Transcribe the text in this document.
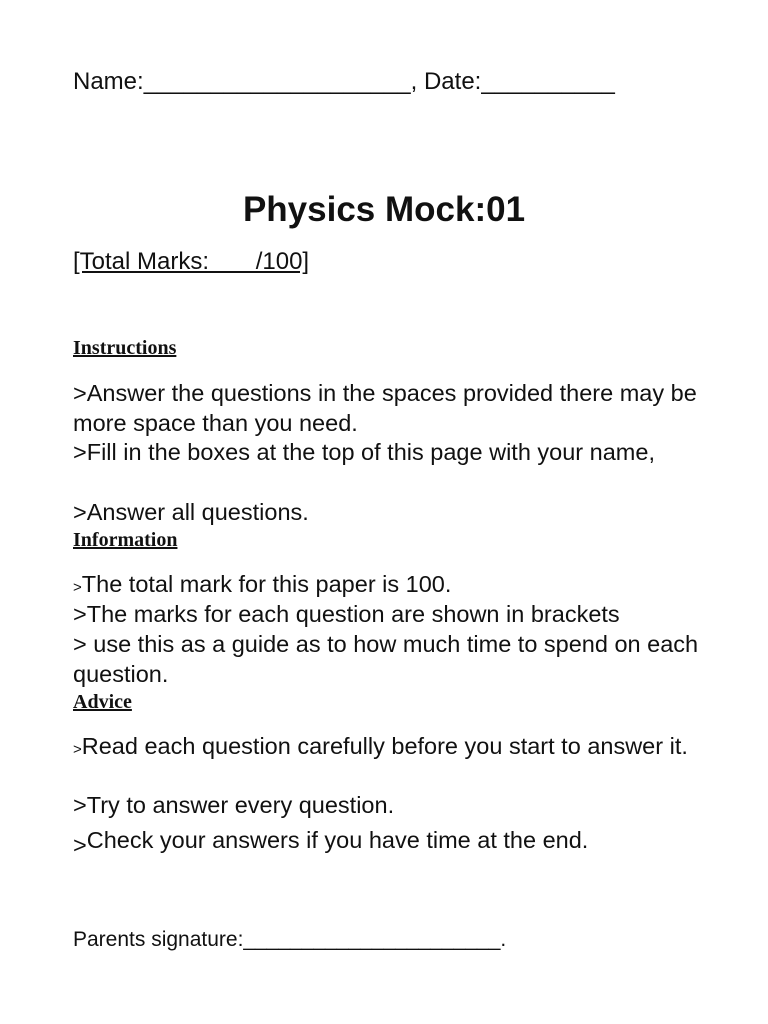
Name:____________________, Date:__________
Physics Mock:01
[Total Marks:       /100]
Instructions
>Answer the questions in the spaces provided there may be more space than you need.
>Fill in the boxes at the top of this page with your name,
>Answer all questions.
Information
>The total mark for this paper is 100.
>The marks for each question are shown in brackets
> use this as a guide as to how much time to spend on each question.
Advice
>Read each question carefully before you start to answer it.
>Try to answer every question.
>Check your answers if you have time at the end.
Parents signature:______________________.
